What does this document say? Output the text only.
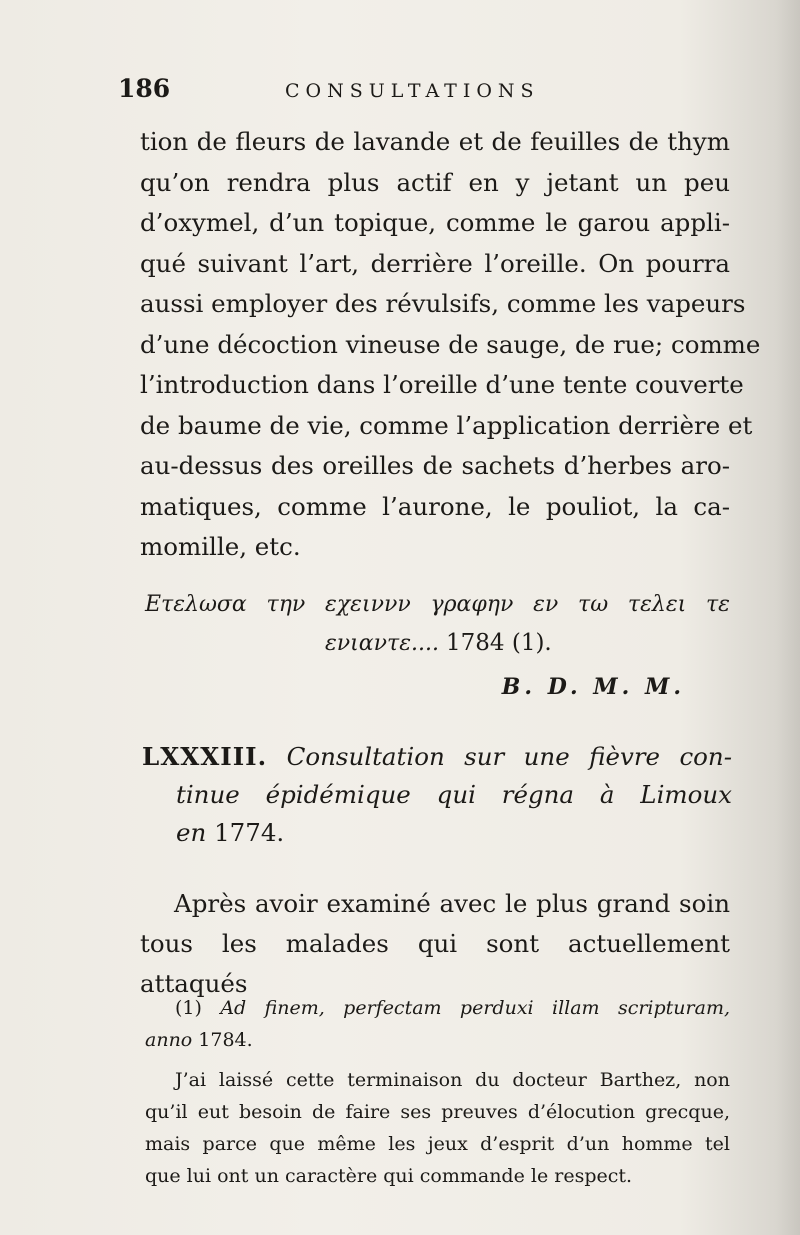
186	CONSULTATIONS
tion de fleurs de lavande et de feuilles de thym
qu’on rendra plus actif en y jetant un peu
d’oxymel, d’un topique, comme le garou appli-
qué suivant l’art, derrière l’oreille. On pourra
aussi employer des révulsifs, comme les vapeurs
d’une décoction vineuse de sauge, de rue; comme
l’introduction dans l’oreille d’une tente couverte
de baume de vie, comme l’application derrière et
au-dessus des oreilles de sachets d’herbes aro-
matiques, comme l’aurone, le pouliot, la ca-
momille, etc.
Ετελωσα την εχειννν γραφην εν τω τελει τε
ενιαντε.... 1784 (1).
B. D. M. M.
LXXXIII. Consultation sur une fièvre con-
tinue épidémique qui régna à Limoux
en 1774.
Après avoir examiné avec le plus grand soin
tous les malades qui sont actuellement attaqués
(1) Ad finem, perfectam perduxi illam scripturam,
anno 1784.
J’ai laissé cette terminaison du docteur Barthez, non
qu’il eut besoin de faire ses preuves d’élocution grecque,
mais parce que même les jeux d’esprit d’un homme tel
que lui ont un caractère qui commande le respect.
